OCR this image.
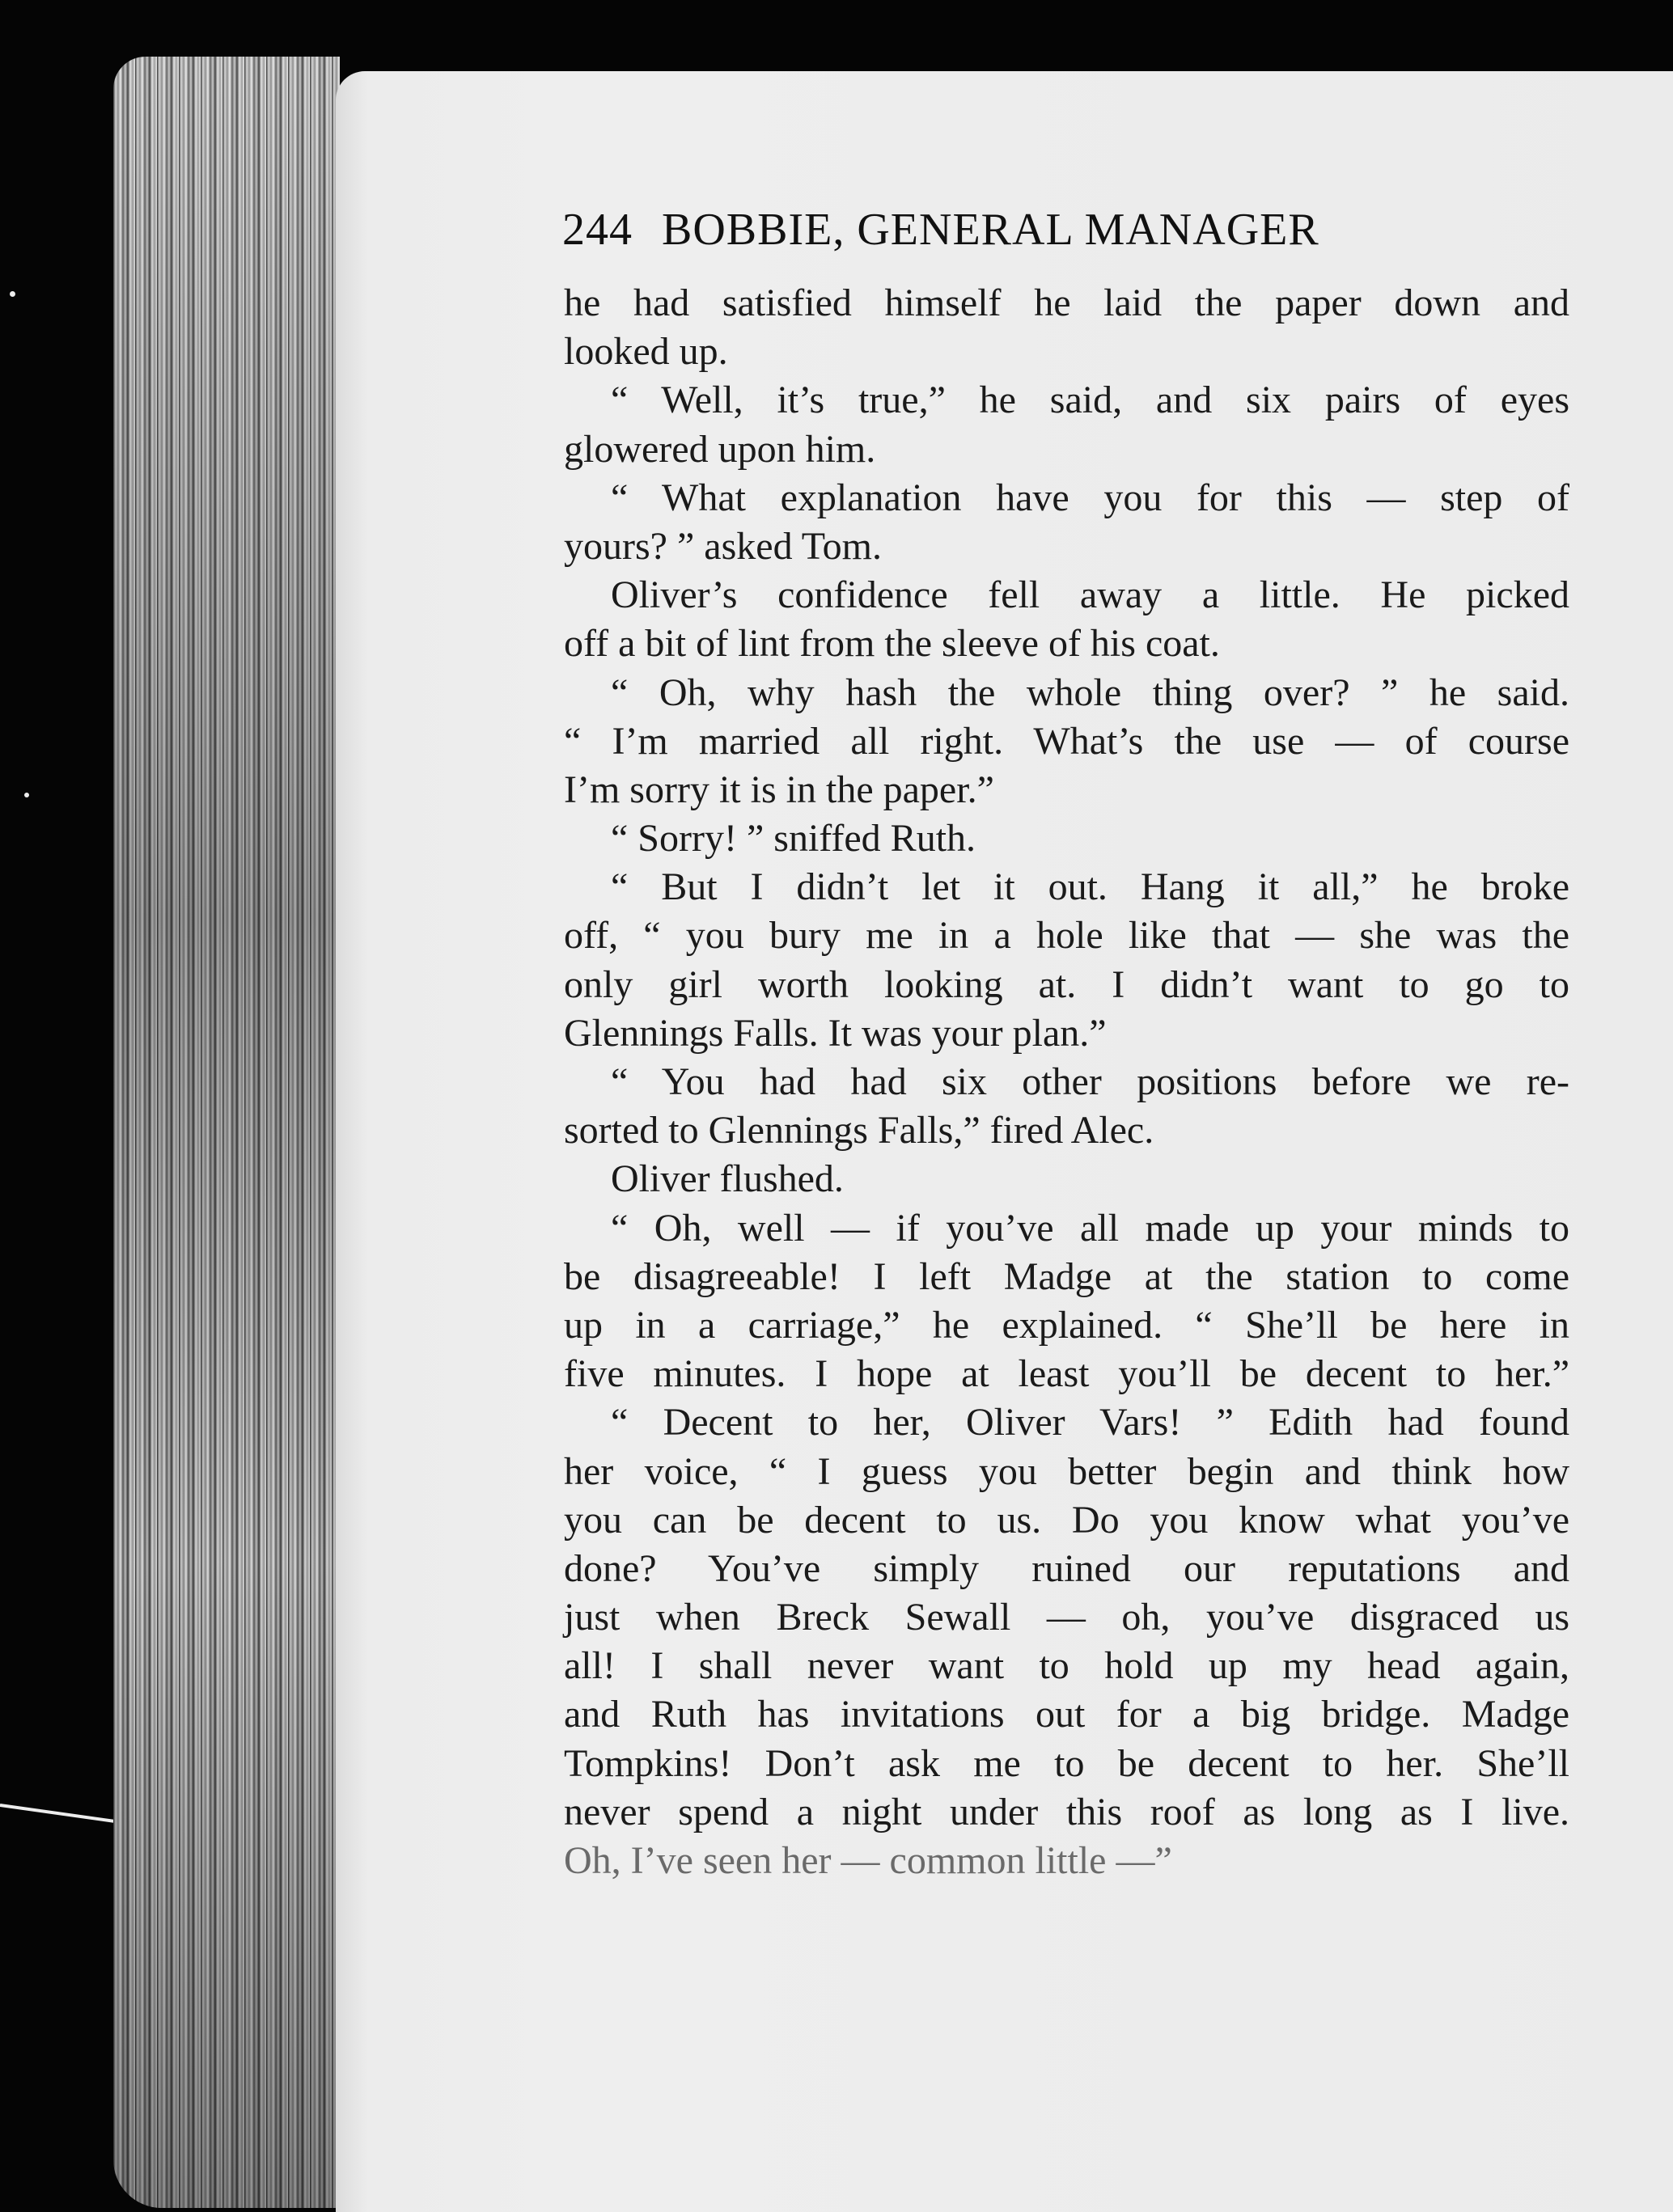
244 BOBBIE, GENERAL MANAGER
he had satisfied himself he laid the paper down and
looked up.
“ Well, it’s true,” he said, and six pairs of eyes
glowered upon him.
“ What explanation have you for this — step of
yours? ” asked Tom.
Oliver’s confidence fell away a little. He picked
off a bit of lint from the sleeve of his coat.
“ Oh, why hash the whole thing over? ” he said.
“ I’m married all right. What’s the use — of course
I’m sorry it is in the paper.”
“ Sorry! ” sniffed Ruth.
“ But I didn’t let it out. Hang it all,” he broke
off, “ you bury me in a hole like that — she was the
only girl worth looking at. I didn’t want to go to
Glennings Falls. It was your plan.”
“ You had had six other positions before we re-
sorted to Glennings Falls,” fired Alec.
Oliver flushed.
“ Oh, well — if you’ve all made up your minds to
be disagreeable! I left Madge at the station to come
up in a carriage,” he explained. “ She’ll be here in
five minutes. I hope at least you’ll be decent to her.”
“ Decent to her, Oliver Vars! ” Edith had found
her voice, “ I guess you better begin and think how
you can be decent to us. Do you know what you’ve
done? You’ve simply ruined our reputations and
just when Breck Sewall — oh, you’ve disgraced us
all! I shall never want to hold up my head again,
and Ruth has invitations out for a big bridge. Madge
Tompkins! Don’t ask me to be decent to her. She’ll
never spend a night under this roof as long as I live.
Oh, I’ve seen her — common little —”
